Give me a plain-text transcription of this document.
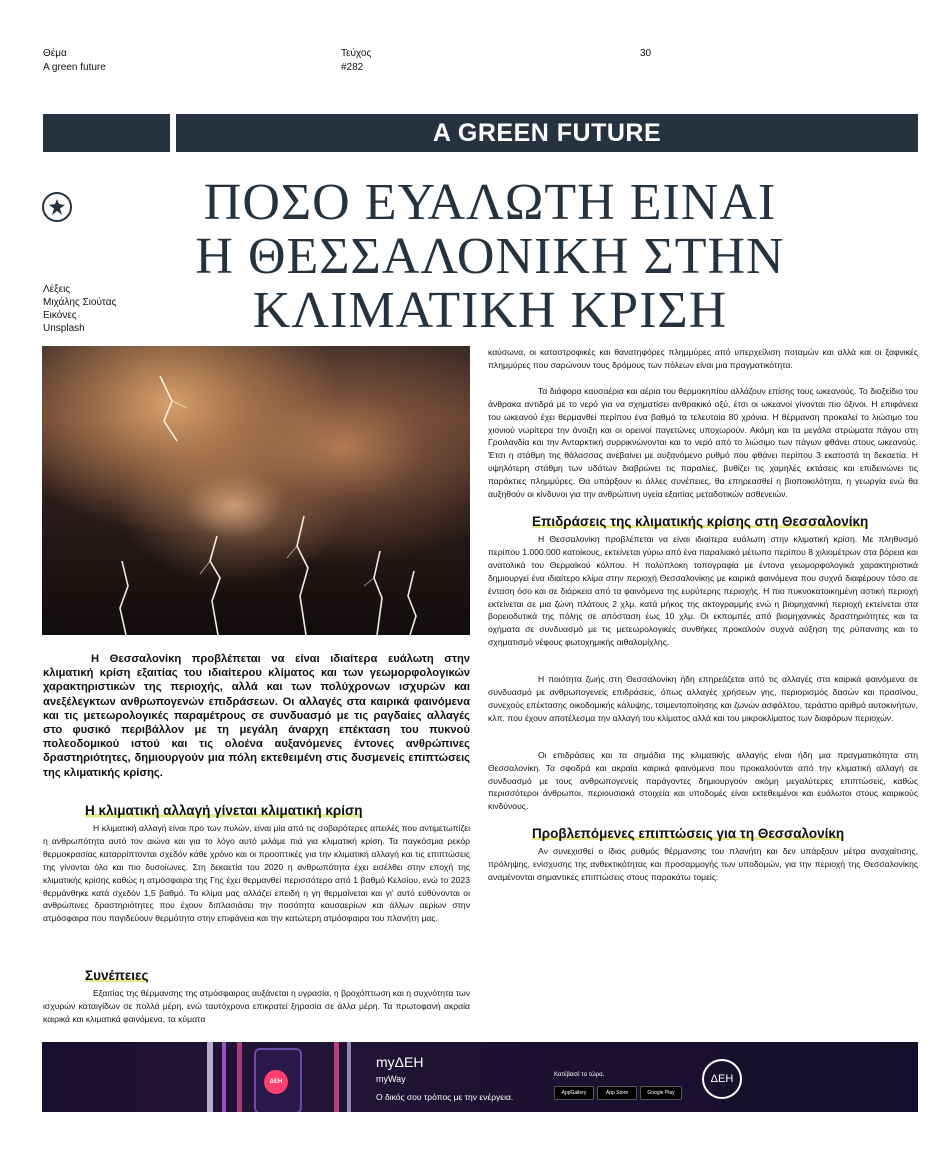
Θέμα
A green future
Τεύχος
#282
30
A GREEN FUTURE
ΠΟΣΟ ΕΥΑΛΩΤΗ ΕΙΝΑΙ
Η ΘΕΣΣΑΛΟΝΙΚΗ ΣΤΗΝ
ΚΛΙΜΑΤΙΚΗ ΚΡΙΣΗ
Λέξεις
Μιχάλης Σιούτας
Εικόνες
Unsplash

Η Θεσσαλονίκη προβλέπεται να είναι ιδιαίτερα ευάλωτη στην κλιματική κρίση εξαιτίας του ιδιαίτερου κλίματος και των γεωμορφολογικών χαρακτηριστικών της περιοχής, αλλά και των πολύχρονων ισχυρών και ανεξέλεγκτων ανθρωπογενών επιδράσεων. Οι αλλαγές στα καιρικά φαινόμενα και τις μετεωρολογικές παραμέτρους σε συνδυασμό με τις ραγδαίες αλλαγές στο φυσικό περιβάλλον με τη μεγάλη άναρχη επέκταση του πυκνού πολεοδομικού ιστού και τις ολοένα αυξανόμενες έντονες ανθρώπινες δραστηριότητες, δημιουργούν μια πόλη εκτεθειμένη στις δυσμενείς επιπτώσεις της κλιματικής κρίσης.

Η κλιματική αλλαγή γίνεται κλιματική κρίση

Η κλιματική αλλαγή είναι προ των πυλών, είναι μία από τις σοβαρότερες απειλές που αντιμετωπίζει η ανθρωπότητα αυτό τον αιώνα και για το λόγο αυτό μιλάμε πιά για κλιματική κρίση. Τα παγκόσμια ρεκόρ θερμοκρασίας καταρρίπτονται σχεδόν κάθε χρόνο και οι προοπτικές για την κλιματική αλλαγή και τις επιπτώσεις της γίνονται όλο και πιο δυσοίωνες. Στη δεκαετία του 2020 η ανθρωπότητα έχει εισέλθει στην εποχή της κλιματικής κρίσης καθώς η ατμόσφαιρα της Γης έχει θερμανθεί περισσότερο από 1 βαθμό Κελσίου, ενώ το 2023 θερμάνθηκε κατά σχεδόν 1,5 βαθμό. Το κλίμα μας αλλάζει επειδή η γη θερμαίνεται και γι' αυτό ευθύνονται οι ανθρώπινες δραστηριότητες που έχουν διπλασιάσει την ποσότητα καυσαερίων και άλλων αερίων στην ατμόσφαιρα που παγιδεύουν θερμότητα στην επιφάνεια και την κατώτερη ατμόσφαιρα του πλανήτη μας.

Συνέπειες

Εξαιτίας της θέρμανσης της ατμόσφαιρας αυξάνεται η υγρασία, η βροχόπτωση και η συχνότητα των ισχυρών καταιγίδων σε πολλά μέρη, ενώ ταυτόχρονα επικρατεί ξηρασία σε άλλα μέρη. Τα πρωτοφανή ακραία καιρικά και κλιματικά φαινόμενα, τα κύματα

καύσωνα, οι καταστροφικές και θανατηφόρες πλημμύρες από υπερχείλιση ποταμών και αλλά και οι ξαφνικές πλημμύρες που σαρώνουν τους δρόμους των πόλεων είναι μια πραγματικότητα.

Τα διάφορα καυσαέρια και αέρια του θερμοκηπίου αλλάζουν επίσης τους ωκεανούς. Το διοξείδιο του άνθρακα αντιδρά με το νερό για να σχηματίσει ανθρακικό οξύ, έτσι οι ωκεανοί γίνονται πιο όξινοι. Η επιφάνεια του ωκεανού έχει θερμανθεί περίπου ένα βαθμό τα τελευταία 80 χρόνια. Η θέρμανση προκαλεί το λιώσιμο του χιονιού νωρίτερα την άνοιξη και οι ορεινοί παγετώνες υποχωρούν. Ακόμη και τα μεγάλα στρώματα πάγου στη Γροιλανδία και την Ανταρκτική συρρικνώνονται και το νερό από το λιώσιμο των πάγων φθάνει στους ωκεανούς. Έτσι η στάθμη της θάλασσας ανεβαίνει με αυξανόμενο ρυθμό που φθάνει περίπου 3 εκατοστά τη δεκαετία. Η υψηλότερη στάθμη των υδάτων διαβρώνει τις παραλίες, βυθίζει τις χαμηλές εκτάσεις και επιδεινώνει τις παράκτιες πλημμύρες. Θα υπάρξουν κι άλλες συνέπειες, θα επηρεασθεί η βιοποικιλότητα, η γεωργία ενώ θα αυξηθούν οι κίνδυνοι για την ανθρώπινη υγεία εξαιτίας μεταδοτικών ασθενειών.

Επιδράσεις της κλιματικής κρίσης στη Θεσσαλονίκη

Η Θεσσαλονίκη προβλέπεται να είναι ιδιαίτερα ευάλωτη στην κλιματική κρίση. Με πληθυσμό περίπου 1.000.000 κατοίκους, εκτείνεται γύρω από ένα παραλιακό μέτωπο περίπου 8 χιλιομέτρων στα βόρεια και ανατολικά του Θερμαϊκού κόλπου. Η πολύπλοκη τοπογραφία με έντονα γεωμορφολογικά χαρακτηριστικά δημιουργεί ένα ιδιαίτερο κλίμα στην περιοχή Θεσσαλονίκης με καιρικά φαινόμενα που συχνά διαφέρουν τόσο σε ένταση όσο και σε διάρκεια από τα φαινόμενα της ευρύτερης περιοχής. Η πιο πυκνοκατοικημένη αστική περιοχή εκτείνεται σε μια ζώνη πλάτους 2 χλμ. κατά μήκος της ακτογραμμής ενώ η βιομηχανική περιοχή εκτείνεται στα βορειοδυτικά της πόλης σε απόσταση έως 10 χλμ. Οι εκπομπές από βιομηχανικές δραστηριότητες και τα οχήματα σε συνδυασμό με τις μετεωρολογικές συνθήκες προκαλούν συχνά αύξηση της ρύπανσης και το σχηματισμό νέφους φωτοχημικής αιθαλομίχλης.

Η ποιότητα ζωής στη Θεσσαλονίκη ήδη επηρεάζεται από τις αλλαγές στα καιρικά φαινόμενα σε συνδυασμό με ανθρωπογενείς επιδράσεις, όπως αλλαγές χρήσεων γης, περιορισμός δασών και πρασίνου, συνεχούς επέκτασης οικοδομικής κάλυψης, τσιμεντοποίησης και ζωνών ασφάλτου, τεράστιο αριθμό αυτοκινήτων, κλπ. που έχουν αποτέλεσμα την αλλαγή του κλίματος αλλά και του μικροκλίματος των διαφόρων περιοχών.

Οι επιδράσεις και τα σημάδια της κλιματικής αλλαγής είναι ήδη μια πραγματικότητα στη Θεσσαλονίκη. Τα σφοδρά και ακραία καιρικά φαινόμενα που προκαλούνται από την κλιματική αλλαγή σε συνδυασμό με τους ανθρωπογενείς παράγοντες δημιουργούν ακόμη μεγαλύτερες επιπτώσεις, καθώς περισσότεροι άνθρωποι, περιουσιακά στοιχεία και υποδομές είναι εκτεθειμένοι και ευάλωτοι στους καιρικούς κινδύνους.

Προβλεπόμενες επιπτώσεις για τη Θεσσαλονίκη

Αν συνεχισθεί ο ίδιος ρυθμός θέρμανσης του πλανήτη και δεν υπάρξουν μέτρα αναχαίτισης, πρόληψης, ενίσχυσης της ανθεκτικότητας και προσαρμογής των υποδομών, για την περιοχή της Θεσσαλονίκης αναμένονται σημαντικές επιπτώσεις στους παρακάτω τομείς:

ΔΕΗ
myΔΕΗ
myWay
Ο δικός σου τρόπος με την ενέργεια.
Κατέβασέ το τώρα.
AppGallery	App Store	Google Play
ΔΕΗ
